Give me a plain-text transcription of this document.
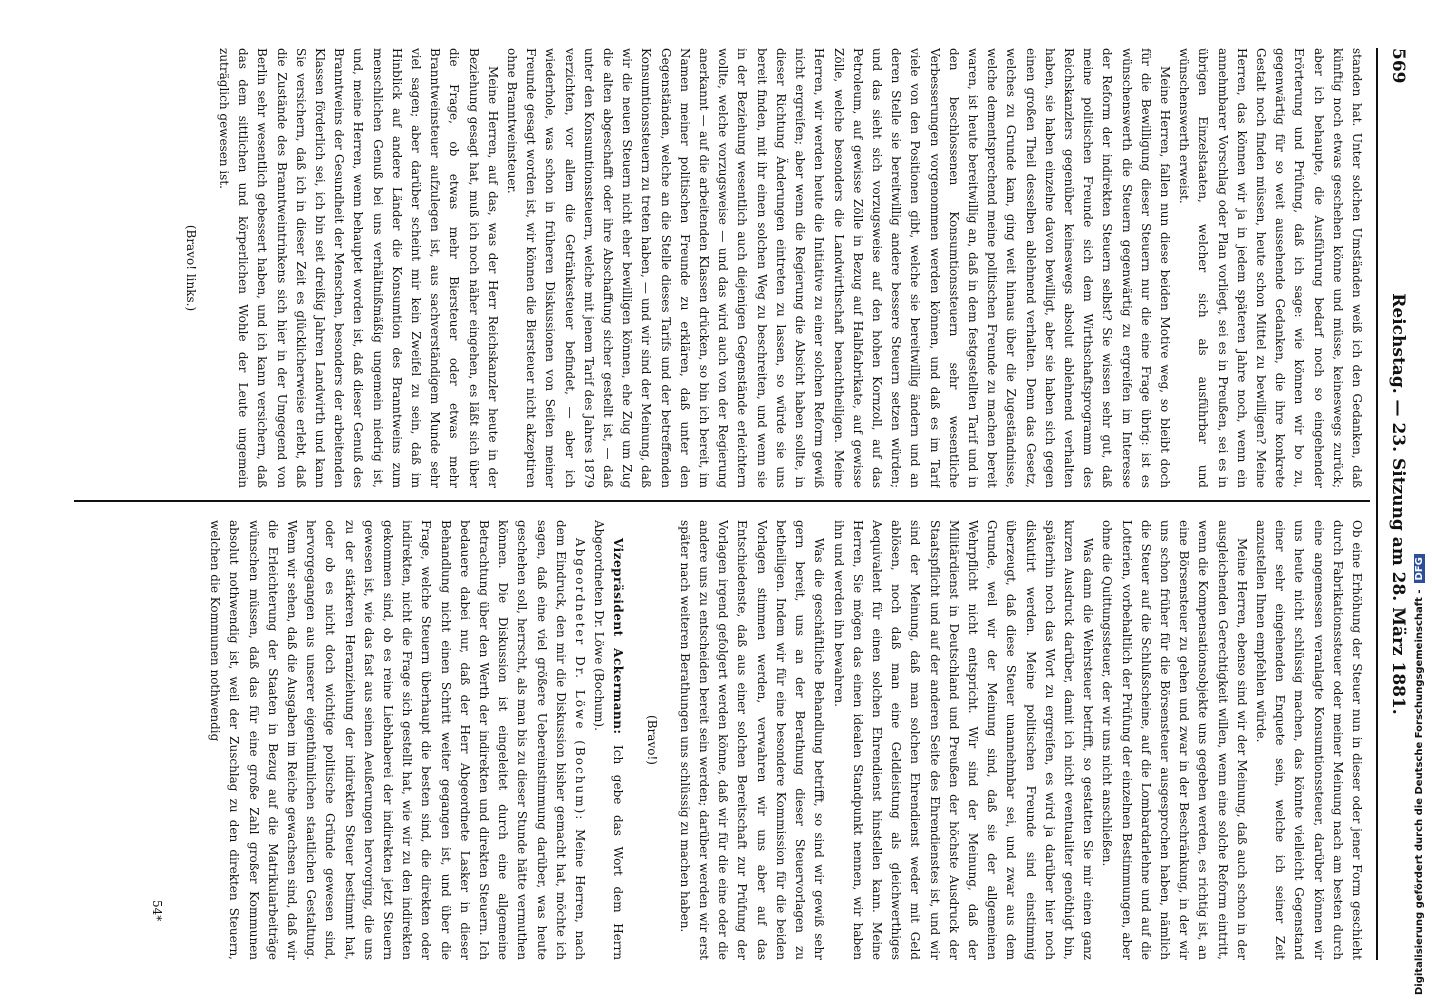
Reichstag. — 23. Sitzung am 28. März 1881.
569

standen hat. Unter solchen Umständen weiß ich den Gedanken, daß künftig noch etwas geschehen könne und müsse, keineswegs zurück; aber ich behaupte, die Ausführung bedarf noch so eingehender Erörterung und Prüfung, daß ich sage: wie können wir bo zu, gegenwärtig für so weit aussehende Gedanken, die ihre konkrete Gestalt noch finden müssen, heute schon Mittel zu bewilligen? Meine Herren, das können wir ja in jedem späteren Jahre noch, wenn ein annehmbarer Vorschlag oder Plan vorliegt, sei es in Preußen, sei es in übrigen Einzelstaaten, welcher sich als ausführbar und wünschenswerth erweist.

Meine Herren, fallen nun diese beiden Motive weg, so bleibt doch für die Bewilligung dieser Steuern nur die eine Frage übrig: ist es wünschenswerth die Steuern gegenwärtig zu ergreifen im Interesse der Reform der indirekten Steuern selbst? Sie wissen sehr gut, daß meine politischen Freunde sich dem Wirthschaftsprogramm des Reichskanzlers gegenüber keineswegs absolut ablehnend verhalten haben, sie haben einzelne davon bewilligt, aber sie haben sich gegen einen großen Theil desselben ablehnend verhalten. Denn das Gesetz, welches zu Grunde kam, ging weit hinaus über die Zugeständnisse, welche dementsprechend meine politischen Freunde zu machen bereit waren, ist heute bereitwillig an, daß in dem festgestellten Tarif und in den beschlossenen Konsumtionssteuern sehr wesentliche Verbesserungen vorgenommen werden können, und daß es im Tarif viele von den Positionen gibt, welche sie bereitwillig ändern und an deren Stelle sie bereitwillig andere bessere Steuern setzen würden; und das sieht sich vorzugsweise auf den hohen Kornzoll, auf das Petroleum, auf gewisse Zölle in Bezug auf Halbfabrikate, auf gewisse Zölle, welche besonders die Landwirthschaft benachtheiligen. Meine Herren, wir werden heute die Initiative zu einer solchen Reform gewiß nicht ergreifen; aber wenn die Regierung die Absicht haben sollte, in dieser Richtung Änderungen eintreten zu lassen, so würde sie uns bereit finden, mit ihr einen solchen Weg zu beschreiten, und wenn sie in der Beziehung wesentlich auch diejenigen Gegenstände erleichtern wollte, welche vorzugsweise — und das wird auch von der Regierung anerkannt — auf die arbeitenden Klassen drücken, so bin ich bereit, im Namen meiner politischen Freunde zu erklären, daß unter den Gegenständen, welche an die Stelle dieses Tarifs und der betreffenden Konsumtionssteuern zu treten haben, — und wir sind der Meinung, daß wir die neuen Steuern nicht eher bewilligen können, ehe Zug um Zug die alten abgeschafft oder ihre Abschaffung sicher gestellt ist, — daß unter den Konsumtionssteuern, welche mit jenem Tarif des Jahres 1879 verzichten, vor allem die Getränkesteuer befindet, — aber ich wiederhole, was schon in früheren Diskussionen von Seiten meiner Freunde gesagt worden ist, wir können die Biersteuer nicht akzeptiren ohne Branntweinsteuer.

Meine Herren, auf das, was der Herr Reichskanzler heute in der Beziehung gesagt hat, muß ich noch näher eingehen, es läßt sich über die Frage, ob etwas mehr Biersteuer oder etwas mehr Branntweinsteuer aufzulegen ist, aus sachverständigem Munde sehr viel sagen; aber darüber scheint mir kein Zweifel zu sein, daß im Hinblick auf andere Länder die Konsumtion des Branntweins zum menschlichen Genuß bei uns verhältnißmäßig ungemein niedrig ist, und, meine Herren, wenn behauptet worden ist, daß dieser Genuß des Branntweins der Gesundheit der Menschen, besonders der arbeitenden Klassen förderlich sei, ich bin seit dreißig Jahren Landwirth und kann Sie versichern, daß ich in dieser Zeit es glücklicherweise erlebt, daß die Zustände des Branntweintrinkens sich hier in der Umgegend von Berlin sehr wesentlich gebessert haben, und ich kann versichern, daß das dem sittlichen und körperlichen Wohle der Leute ungemein zuträglich gewesen ist.

(Bravo! links.)

Ob eine Erhöhung der Steuer nun in dieser oder jener Form geschieht durch Fabrikationssteuer oder meiner Meinung nach am besten durch eine angemessen veranlagte Konsumtionssteuer, darüber können wir uns heute nicht schlüssig machen, das könnte vielleicht Gegenstand einer sehr eingehenden Enquete sein, welche ich seiner Zeit anzustellen Ihnen empfehlen würde.

Meine Herren, ebenso sind wir der Meinung, daß auch schon in der ausgleichenden Gerechtigkeit willen, wenn eine solche Reform eintritt, wenn die Kompensationsobjekte uns gegeben werden, es richtig ist, an eine Börsensteuer zu gehen und zwar in der Beschränkung, in der wir uns schon früher für die Börsensteuer ausgesprochen haben, nämlich die Steuer auf die Schlußscheine, auf die Lombardarlehne und auf die Lotterien, vorbehaltlich der Prüfung der einzelnen Bestimmungen, aber ohne die Quittungssteuer, der wir uns nicht anschließen.

Was dann die Wehrsteuer betrifft, so gestatten Sie mir einen ganz kurzen Ausdruck darüber, damit ich nicht eventualiter genöthigt bin, späterhin noch das Wort zu ergreifen, es wird ja darüber hier noch diskutirt werden. Meine politischen Freunde sind einstimmig überzeugt, daß diese Steuer unannehmbar sei, und zwar aus dem Grunde, weil wir der Meinung sind, daß sie der allgemeinen Wehrpflicht nicht entspricht. Wir sind der Meinung, daß der Militärdienst in Deutschland und Preußen der höchste Ausdruck der Staatspflicht und auf der anderen Seite des Ehrendienstes ist, und wir sind der Meinung, daß man solchen Ehrendienst weder mit Geld ablösen, noch daß man eine Geldleistung als gleichwerthiges Aequivalent für einen solchen Ehrendienst hinstellen kann. Meine Herren, Sie mögen das einen idealen Standpunkt nennen, wir haben ihn und werden ihn bewahren.

Was die geschäftliche Behandlung betrifft, so sind wir gewiß sehr gern bereit, uns an der Berathung dieser Steuervorlagen zu betheiligen. Indem wir für eine besondere Kommission für die beiden Vorlagen stimmen werden, verwahren wir uns aber auf das Entschiedenste, daß aus einer solchen Bereitschaft zur Prüfung der Vorlagen irgend gefolgert werden könne, daß wir für die eine oder die andere uns zu entscheiden bereit sein werden; darüber werden wir erst später nach weiteren Berathungen uns schlüssig zu machen haben.

(Bravo!)

Vizepräsident Ackermann: Ich gebe das Wort dem Herrn Abgeordneten Dr. Löwe (Bochum).

Abgeordneter Dr. Löwe (Bochum): Meine Herren, nach dem Eindruck, den mir die Diskussion bisher gemacht hat, möchte ich sagen, daß eine viel größere Uebereinstimmung darüber, was heute geschehen soll, herrscht, als man bis zu dieser Stunde hätte vermuthen können. Die Diskussion ist eingeleitet durch eine allgemeine Betrachtung über den Werth der indirekten und direkten Steuern. Ich bedauere dabei nur, daß der Herr Abgeordnete Lasker in dieser Behandlung nicht einen Schritt weiter gegangen ist, und über die Frage, welche Steuern überhaupt die besten sind, die direkten oder indirekten, nicht die Frage sich gestellt hat, wie wir zu den indirekten gekommen sind, ob es reine Liebhaberei der indirekten jetzt Steuern gewesen ist, wie das fast aus seinen Aeußerungen hervorging, die uns zu der stärkeren Heranziehung der indirekten Steuer bestimmt hat, oder ob es nicht doch wichtige politische Gründe gewesen sind, hervorgegangen aus unserer eigenthümlichen staatlichen Gestaltung. Wenn wir sehen, daß die Ausgaben im Reiche gewachsen sind, daß wir die Erleichterung der Staaten in Bezug auf die Matrikularbeiträge wünschen müssen, daß das für eine große Zahl großer Kommunen absolut nothwendig ist, weil der Zuschlag zu den direkten Steuern, welchen die Kommunen nothwendig

54*	Digitalisierung gefördert durch die Deutsche Forschungsgemeinschaft -DFG
